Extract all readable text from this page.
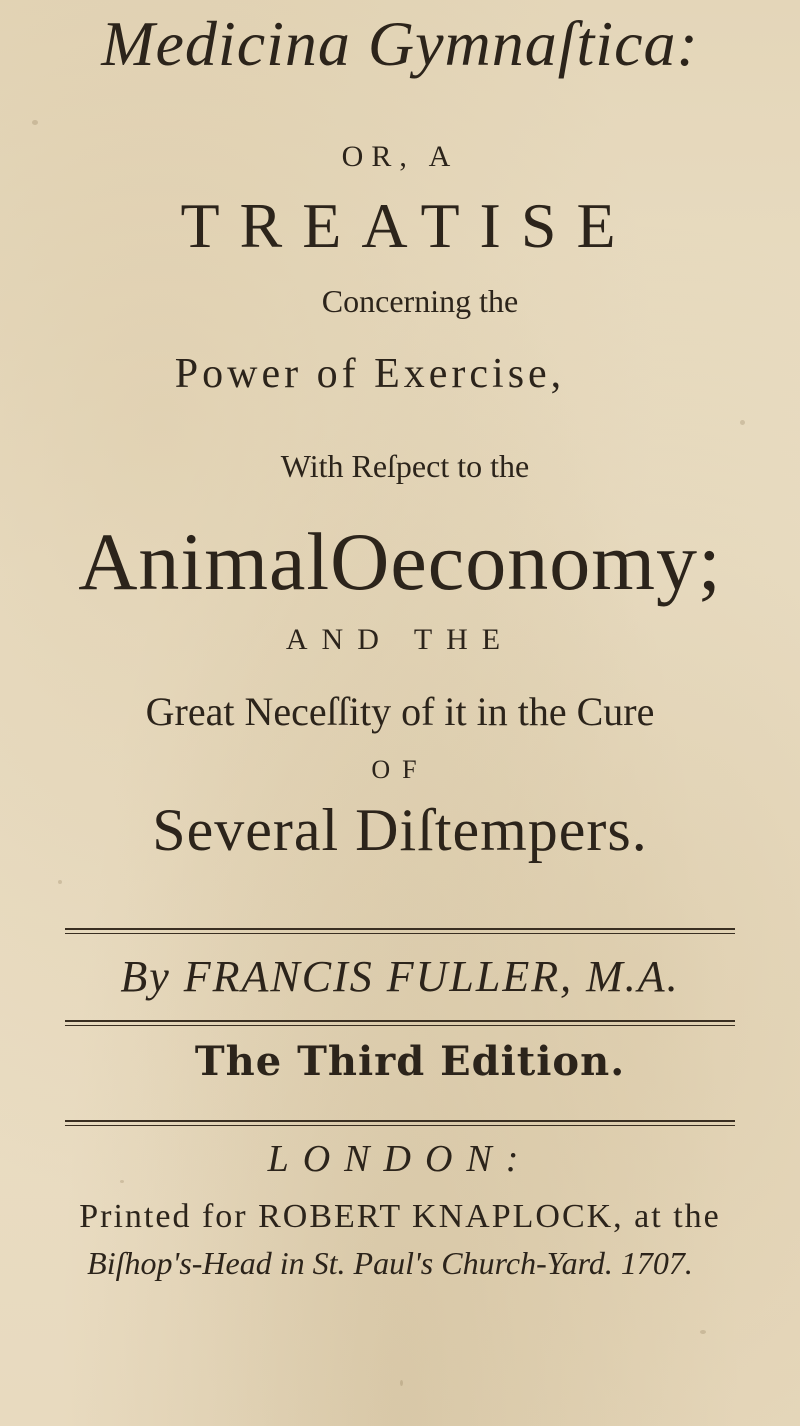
Medicina Gymnaſtica:
OR, A
TREATISE
Concerning the
Power of Exercise,
With Reſpect to the
AnimalOeconomy;
AND THE
Great Neceſſity of it in the Cure
OF
Several Diſtempers.
By FRANCIS FULLER, M.A.
The Third Edition.
LONDON:
Printed for ROBERT KNAPLOCK, at the
Biſhop's-Head in St. Paul's Church-Yard. 1707.
